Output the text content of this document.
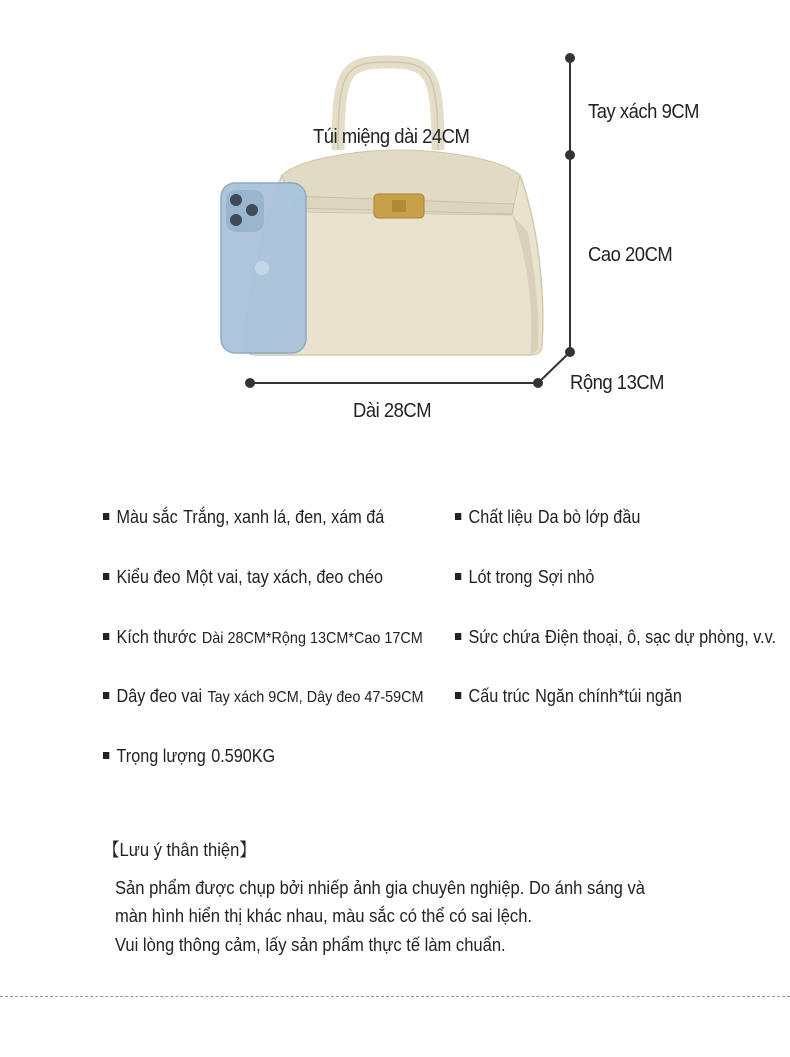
Túi miệng dài 24CM
Tay xách 9CM
Cao 20CM
Rộng 13CM
Dài 28CM
Màu sắc Trắng, xanh lá, đen, xám đá	Chất liệu Da bò lớp đầu
Kiểu đeo Một vai, tay xách, đeo chéo	Lót trong Sợi nhỏ
Kích thước Dài 28CM*Rộng 13CM*Cao 17CM	Sức chứa Điện thoại, ô, sạc dự phòng, v.v.
Dây đeo vai Tay xách 9CM, Dây đeo 47-59CM	Cấu trúc Ngăn chính*túi ngăn
Trọng lượng 0.590KG
【Lưu ý thân thiện】
Sản phẩm được chụp bởi nhiếp ảnh gia chuyên nghiệp. Do ánh sáng và
màn hình hiển thị khác nhau, màu sắc có thể có sai lệch.
Vui lòng thông cảm, lấy sản phẩm thực tế làm chuẩn.
